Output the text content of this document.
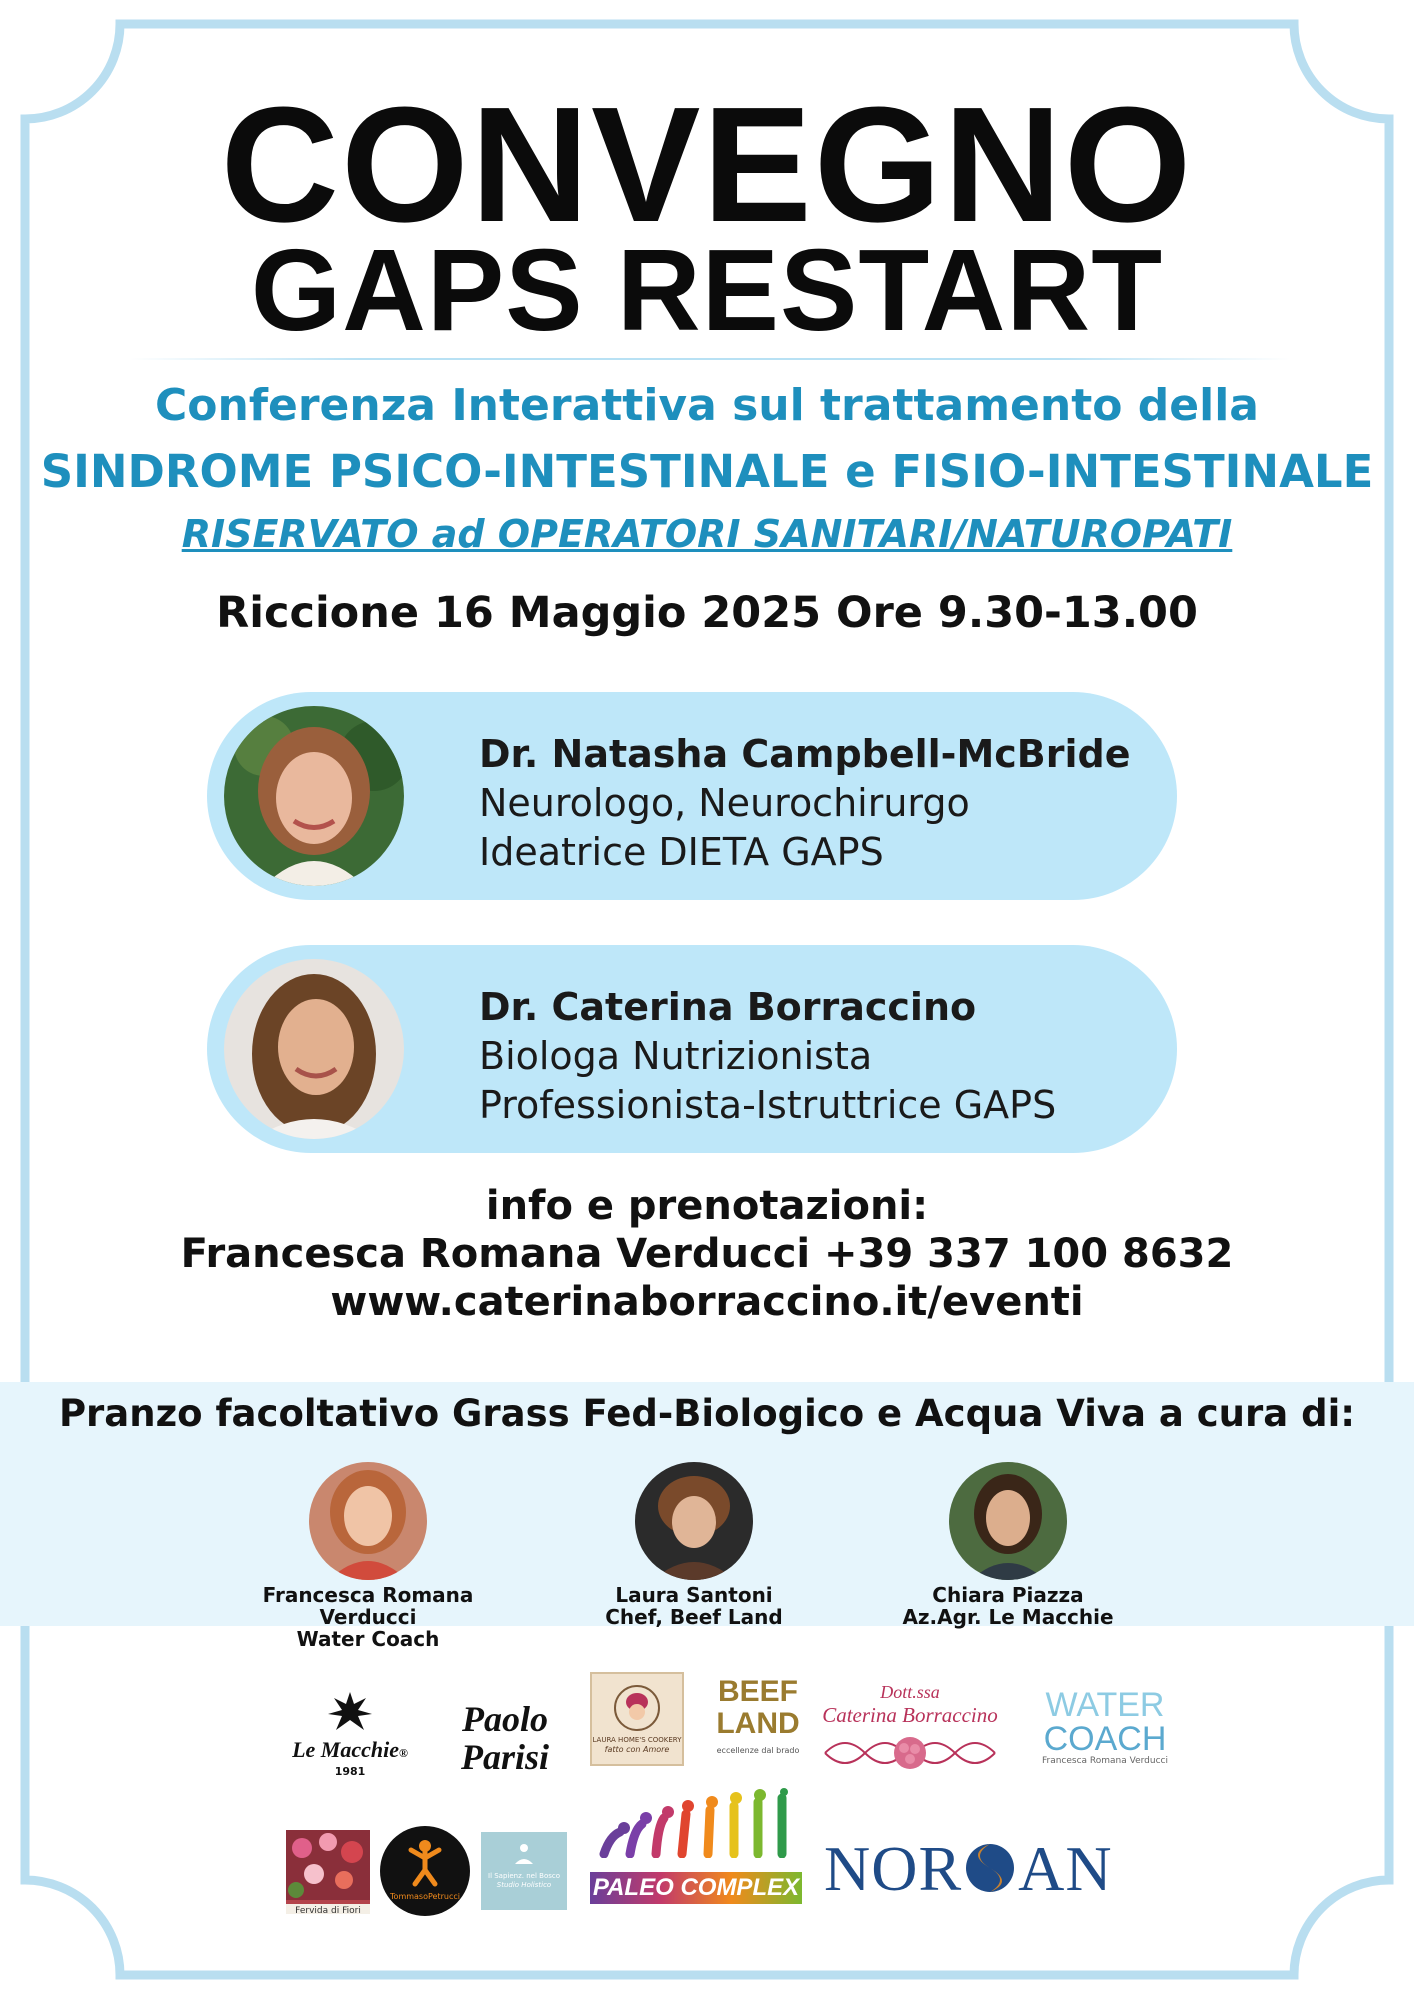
CONVEGNO
GAPS RESTART
Conferenza Interattiva sul trattamento della
SINDROME PSICO-INTESTINALE e FISIO-INTESTINALE
RISERVATO ad OPERATORI SANITARI/NATUROPATI
Riccione 16 Maggio 2025 Ore 9.30-13.00
Dr. Natasha Campbell-McBride
Neurologo, Neurochirurgo
Ideatrice DIETA GAPS
Dr. Caterina Borraccino
Biologa Nutrizionista
Professionista-Istruttrice GAPS
info e prenotazioni:
Francesca Romana Verducci +39 337 100 8632
www.caterinaborraccino.it/eventi
Pranzo facoltativo Grass Fed-Biologico e Acqua Viva a cura di:
Francesca Romana Verducci
Water Coach
Laura Santoni
Chef, Beef Land
Chiara Piazza
Az.Agr. Le Macchie
Le Macchie®
1981
Paolo Parisi	LAURA HOME'S COOKERY
fatto con Amore
BEEF
LAND
eccellenze dal brado
Dott.ssa
Caterina Borraccino	WATER
COACH
Francesca Romana Verducci
Fervida di Fiori
TommasoPetrucci
Il Sapienz. nel Bosco
Studio Holistico	PALEO COMPLEX NOR AN
